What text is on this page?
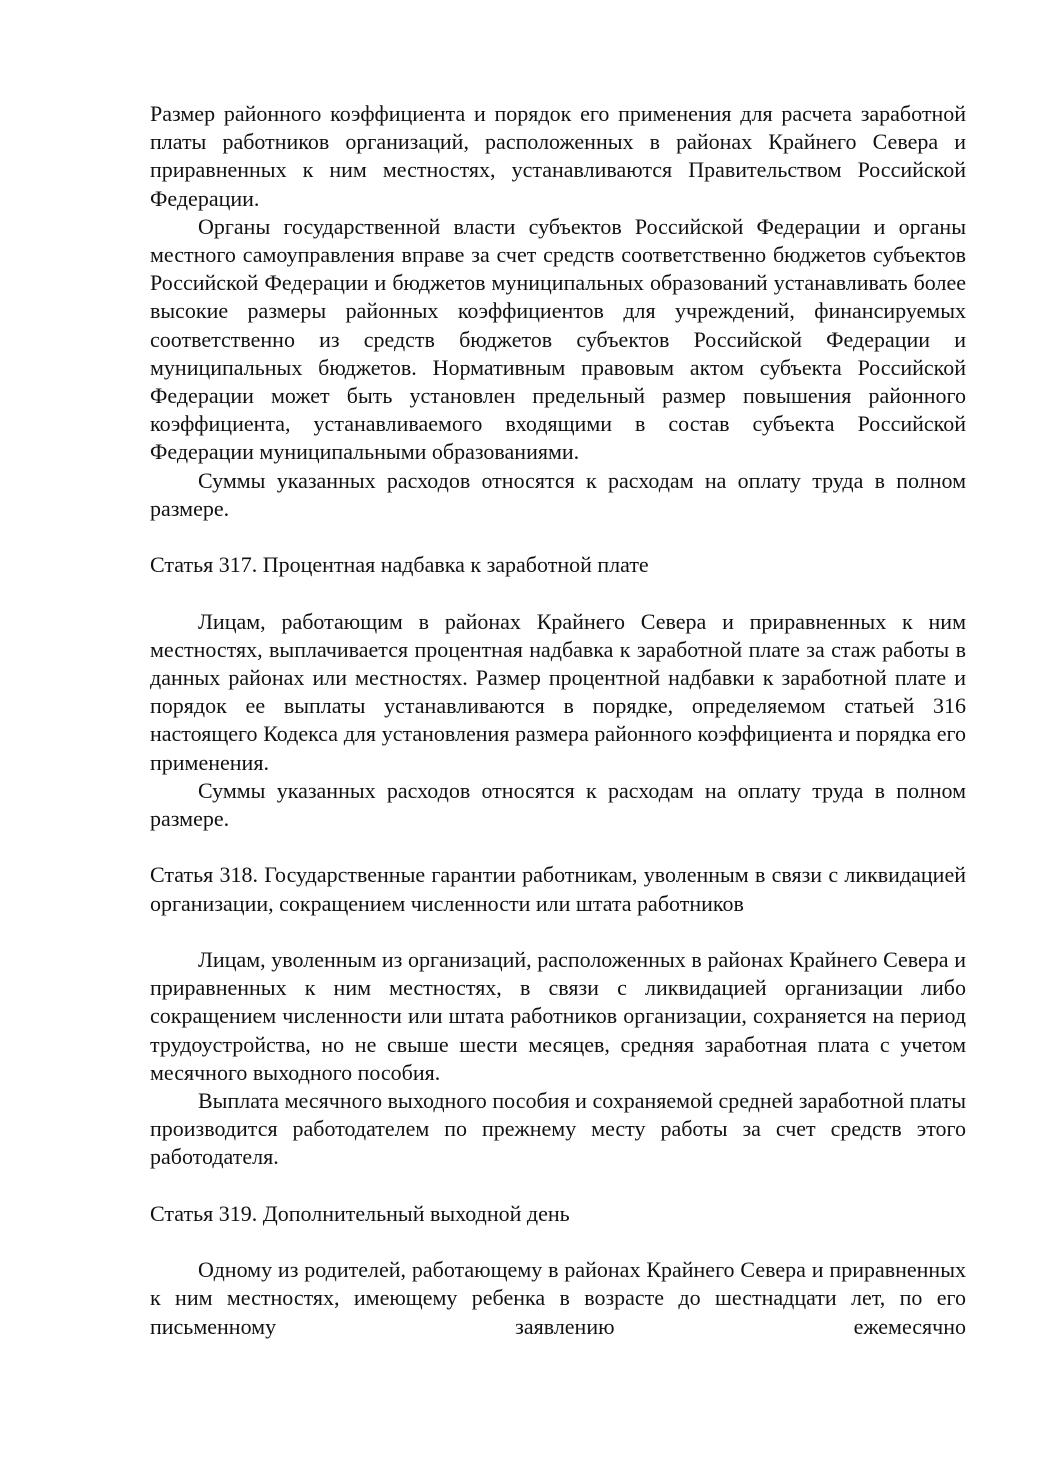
Размер районного коэффициента и порядок его применения для расчета заработной платы работников организаций, расположенных в районах Крайнего Севера и приравненных к ним местностях, устанавливаются Правительством Российской Федерации.

Органы государственной власти субъектов Российской Федерации и органы местного самоуправления вправе за счет средств соответственно бюджетов субъектов Российской Федерации и бюджетов муниципальных образований устанавливать более высокие размеры районных коэффициентов для учреждений, финансируемых соответственно из средств бюджетов субъектов Российской Федерации и муниципальных бюджетов. Нормативным правовым актом субъекта Российской Федерации может быть установлен предельный размер повышения районного коэффициента, устанавливаемого входящими в состав субъекта Российской Федерации муниципальными образованиями.

Суммы указанных расходов относятся к расходам на оплату труда в полном размере.

Статья 317. Процентная надбавка к заработной плате

Лицам, работающим в районах Крайнего Севера и приравненных к ним местностях, выплачивается процентная надбавка к заработной плате за стаж работы в данных районах или местностях. Размер процентной надбавки к заработной плате и порядок ее выплаты устанавливаются в порядке, определяемом статьей 316 настоящего Кодекса для установления размера районного коэффициента и порядка его применения.

Суммы указанных расходов относятся к расходам на оплату труда в полном размере.

Статья 318. Государственные гарантии работникам, уволенным в связи с ликвидацией организации, сокращением численности или штата работников

Лицам, уволенным из организаций, расположенных в районах Крайнего Севера и приравненных к ним местностях, в связи с ликвидацией организации либо сокращением численности или штата работников организации, сохраняется на период трудоустройства, но не свыше шести месяцев, средняя заработная плата с учетом месячного выходного пособия.

Выплата месячного выходного пособия и сохраняемой средней заработной платы производится работодателем по прежнему месту работы за счет средств этого работодателя.

Статья 319. Дополнительный выходной день

Одному из родителей, работающему в районах Крайнего Севера и приравненных к ним местностях, имеющему ребенка в возрасте до шестнадцати лет, по его письменному заявлению ежемесячно
